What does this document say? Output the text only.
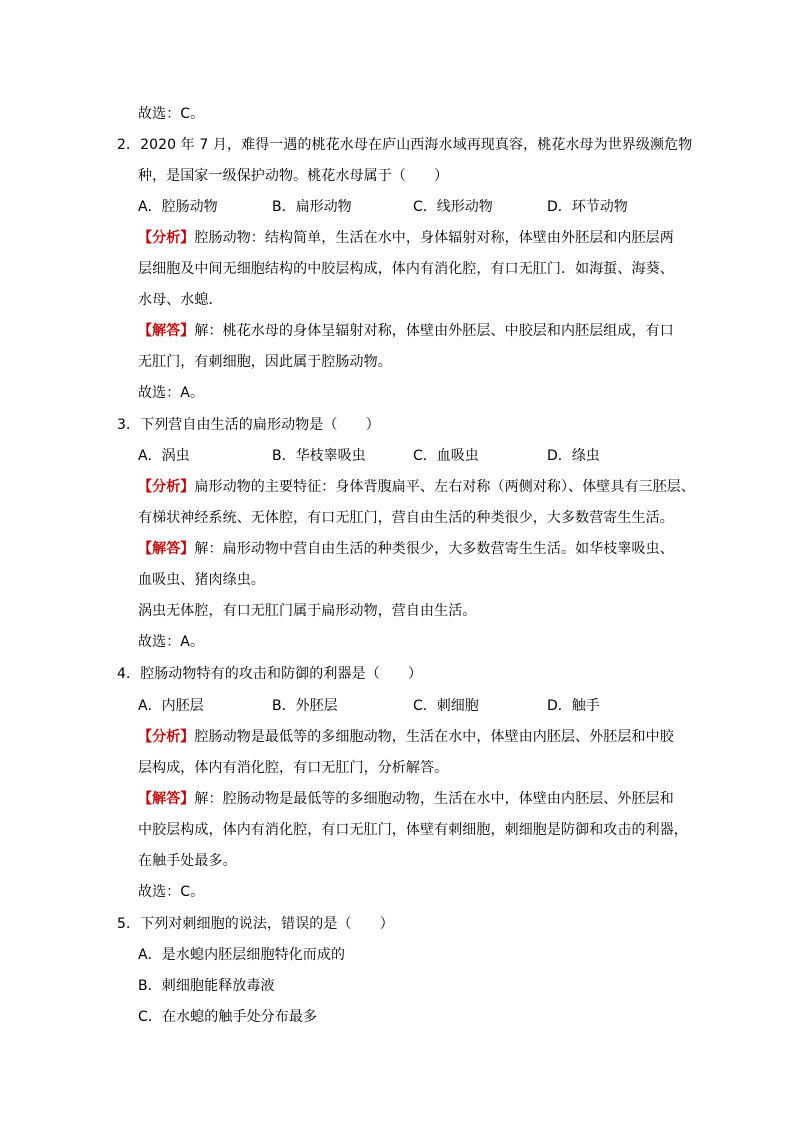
故选：C。
2．2020 年 7 月，难得一遇的桃花水母在庐山西海水域再现真容，桃花水母为世界级濒危物
种，是国家一级保护动物。桃花水母属于（　　）
A．腔肠动物	B．扁形动物	C．线形动物	D．环节动物
【分析】腔肠动物：结构简单，生活在水中，身体辐射对称，体壁由外胚层和内胚层两
层细胞及中间无细胞结构的中胶层构成，体内有消化腔，有口无肛门．如海蜇、海葵、
水母、水螅．
【解答】解：桃花水母的身体呈辐射对称，体壁由外胚层、中胶层和内胚层组成，有口
无肛门，有刺细胞，因此属于腔肠动物。
故选：A。
3．下列营自由生活的扁形动物是（　　）
A．涡虫	B．华枝睾吸虫	C．血吸虫	D．绦虫
【分析】扁形动物的主要特征：身体背腹扁平、左右对称（两侧对称）、体壁具有三胚层、
有梯状神经系统、无体腔，有口无肛门，营自由生活的种类很少，大多数营寄生生活。
【解答】解：扁形动物中营自由生活的种类很少，大多数营寄生生活。如华枝睾吸虫、
血吸虫、猪肉绦虫。
涡虫无体腔，有口无肛门属于扁形动物，营自由生活。
故选：A。
4．腔肠动物特有的攻击和防御的利器是（　　）
A．内胚层	B．外胚层	C．刺细胞	D．触手
【分析】腔肠动物是最低等的多细胞动物，生活在水中，体壁由内胚层、外胚层和中胶
层构成，体内有消化腔，有口无肛门，分析解答。
【解答】解：腔肠动物是最低等的多细胞动物，生活在水中，体壁由内胚层、外胚层和
中胶层构成，体内有消化腔，有口无肛门，体壁有刺细胞，刺细胞是防御和攻击的利器，
在触手处最多。
故选：C。
5．下列对刺细胞的说法，错误的是（　　）
A．是水螅内胚层细胞特化而成的
B．刺细胞能释放毒液
C．在水螅的触手处分布最多
